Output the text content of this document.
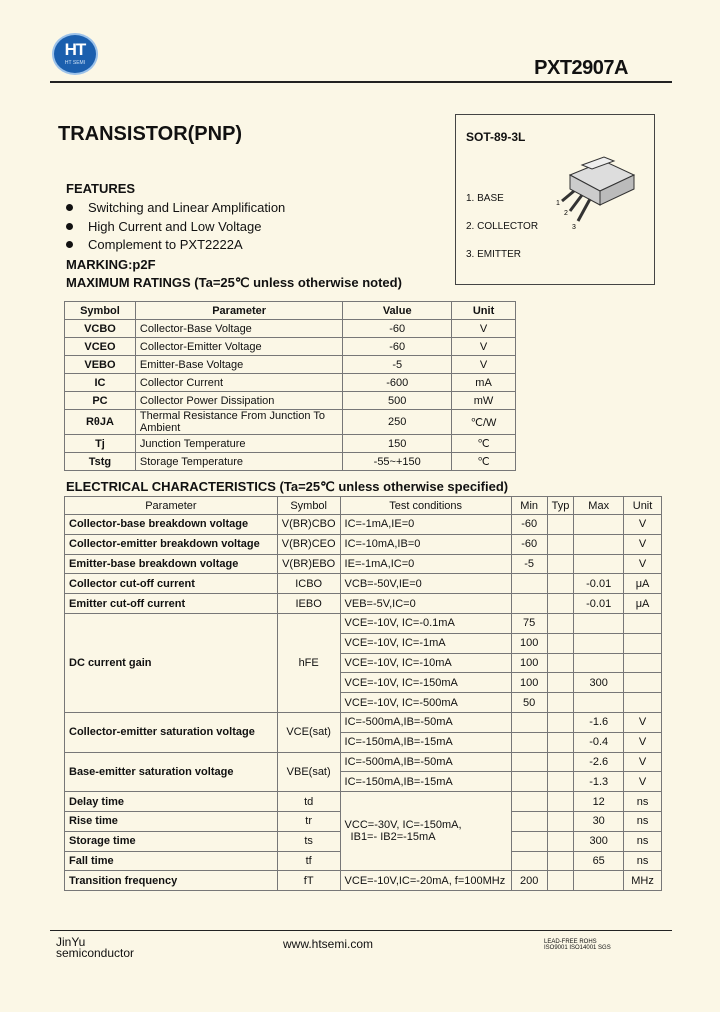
HT
HT SEMI	PXT2907A
TRANSISTOR(PNP)	SOT-89-3L
1. BASE
2. COLLECTOR
3. EMITTER
1
2
3
FEATURES
Switching and Linear Amplification
High Current and Low Voltage
Complement to PXT2222A
MARKING:p2F
MAXIMUM RATINGS (Ta=25℃ unless otherwise noted)
Symbol	Parameter	Value	Unit
VCBO	Collector-Base Voltage	-60	V
VCEO	Collector-Emitter Voltage	-60	V
VEBO	Emitter-Base Voltage	-5	V
IC	Collector Current	-600	mA
PC	Collector Power Dissipation	500	mW
RθJA	Thermal Resistance From Junction To Ambient	250	℃/W
Tj	Junction Temperature	150	℃
Tstg	Storage Temperature	-55~+150	℃
ELECTRICAL CHARACTERISTICS (Ta=25℃ unless otherwise specified)
Parameter	Symbol	Test conditions	Min	Typ	Max	Unit
Collector-base breakdown voltage	V(BR)CBO	IC=-1mA,IE=0	-60			V
Collector-emitter breakdown voltage	V(BR)CEO	IC=-10mA,IB=0	-60			V
Emitter-base breakdown voltage	V(BR)EBO	IE=-1mA,IC=0	-5			V
Collector cut-off current	ICBO	VCB=-50V,IE=0			-0.01	μA
Emitter cut-off current	IEBO	VEB=-5V,IC=0			-0.01	μA
DC current gain	hFE	VCE=-10V, IC=-0.1mA	75			
		VCE=-10V, IC=-1mA	100			
		VCE=-10V, IC=-10mA	100			
		VCE=-10V, IC=-150mA	100		300	
		VCE=-10V, IC=-500mA	50			
Collector-emitter saturation voltage	VCE(sat)	IC=-500mA,IB=-50mA			-1.6	V
		IC=-150mA,IB=-15mA			-0.4	V
Base-emitter saturation voltage	VBE(sat)	IC=-500mA,IB=-50mA			-2.6	V
		IC=-150mA,IB=-15mA			-1.3	V
Delay time	td	VCC=-30V, IC=-150mA,
IB1=- IB2=-15mA			12	ns
Rise time	tr				30	ns
Storage time	ts				300	ns
Fall time	tf				65	ns
Transition frequency	fT	VCE=-10V,IC=-20mA, f=100MHz	200			MHz
JinYu
semiconductor
www.htsemi.com	LEAD-FREE ROHS
ISO9001 ISO14001 SGS
